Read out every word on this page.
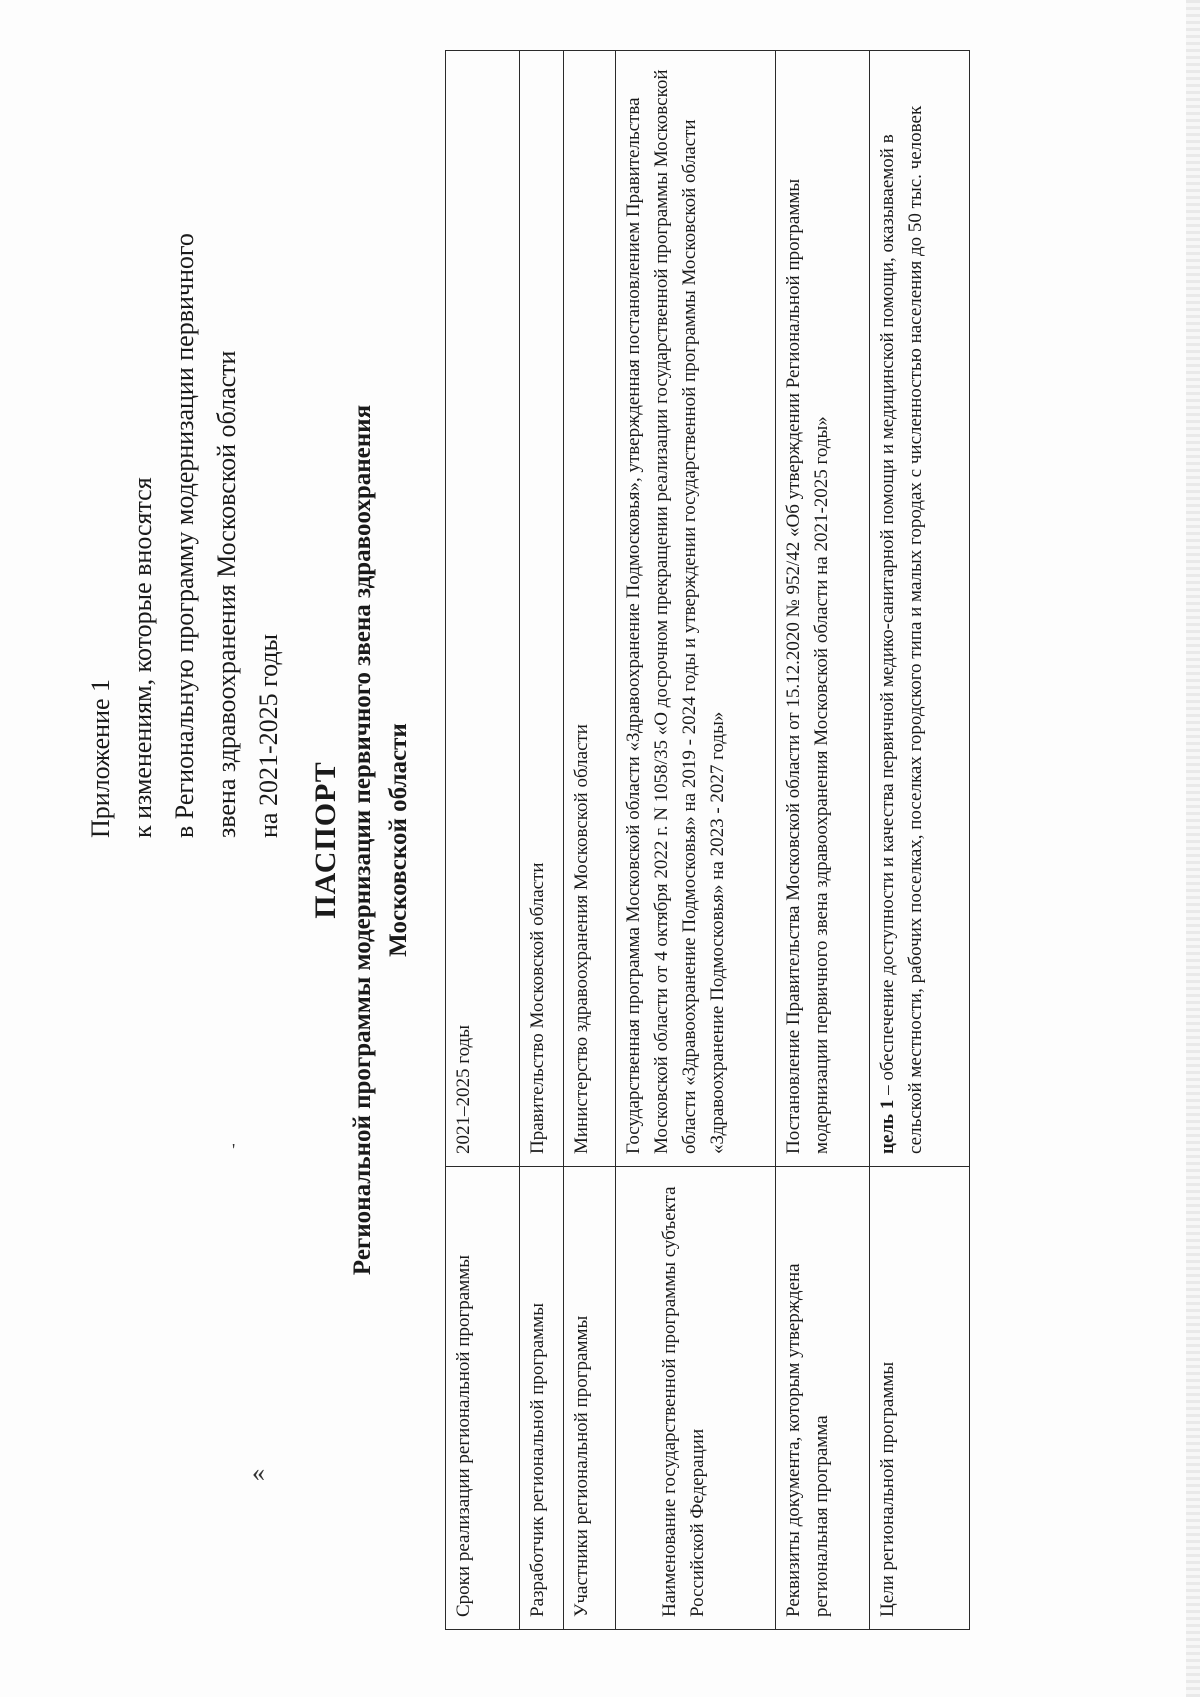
«
'
Приложение 1 к изменениям, которые вносятся в Региональную программу модернизации первичного звена здравоохранения Московской области на 2021-2025 годы
ПАСПОРТ Региональной программы модернизации первичного звена здравоохранения Московской области
Сроки реализации региональной программы	2021–2025 годы
Разработчик региональной программы	Правительство Московской области
Участники региональной программы	Министерство здравоохранения Московской области
Наименование государственной программы субъекта Российской Федерации	Государственная программа Московской области «Здравоохранение Подмосковья», утвержденная постановлением Правительства Московской области от 4 октября 2022 г. N 1058/35 «О досрочном прекращении реализации государственной программы Московской области «Здравоохранение Подмосковья» на 2019 - 2024 годы и утверждении государственной программы Московской области «Здравоохранение Подмосковья» на 2023 - 2027 годы»
Реквизиты документа, которым утверждена региональная программа	Постановление Правительства Московской области от 15.12.2020 № 952/42 «Об утверждении Региональной программы модернизации первичного звена здравоохранения Московской области на 2021-2025 годы»
Цели региональной программы	цель 1 – обеспечение доступности и качества первичной медико-санитарной помощи и медицинской помощи, оказываемой в сельской местности, рабочих поселках, поселках городского типа и малых городах с численностью населения до 50 тыс. человек
